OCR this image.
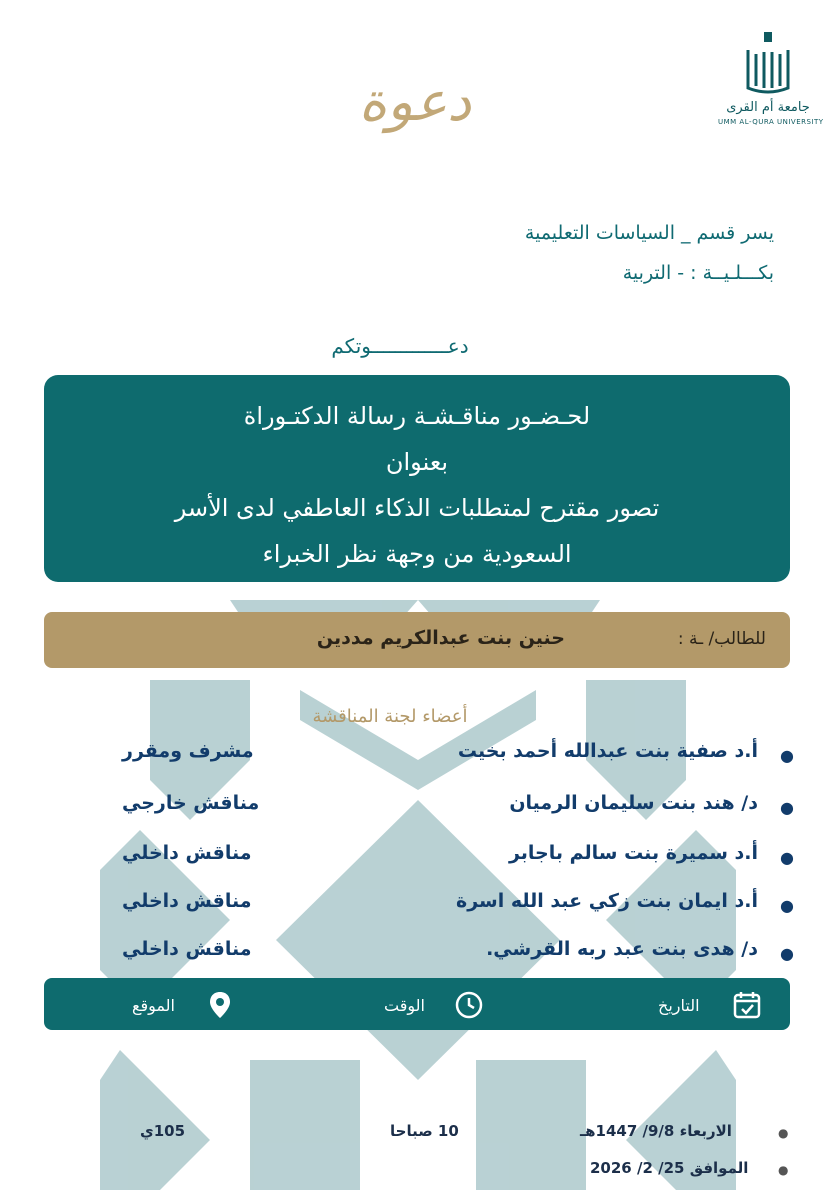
جامعة أم القرى
UMM AL-QURA UNIVERSITY
دعوة
يسر قسم _ السياسات التعليمية
بكـــلـيــة : - التربية
دعـــــــــــــوتكم
لحـضـور مناقـشـة رسالة الدكتـوراة
بعنوان
تصور مقترح لمتطلبات الذكاء العاطفي لدى الأسر
السعودية من وجهة نظر الخبراء
للطالب/ ـة :
حنين بنت عبدالكريم مددين
أعضاء لجنة المناقشة
●
أ.د صفية بنت عبدالله أحمد بخيت
مشرف ومقرر
●
د/ هند بنت سليمان الرميان
مناقش خارجي
●
أ.د سميرة بنت سالم باجابر
مناقش داخلي
●
أ.د ايمان بنت زكي عبد الله اسرة
مناقش داخلي
●
د/ هدى بنت عبد ربه القرشي.
مناقش داخلي
التاريخ
الوقت
الموقع
●
الاربعاء 9/8/ 1447هـ
●
الموافق 25/ 2/ 2026
10 صباحا
105ي
